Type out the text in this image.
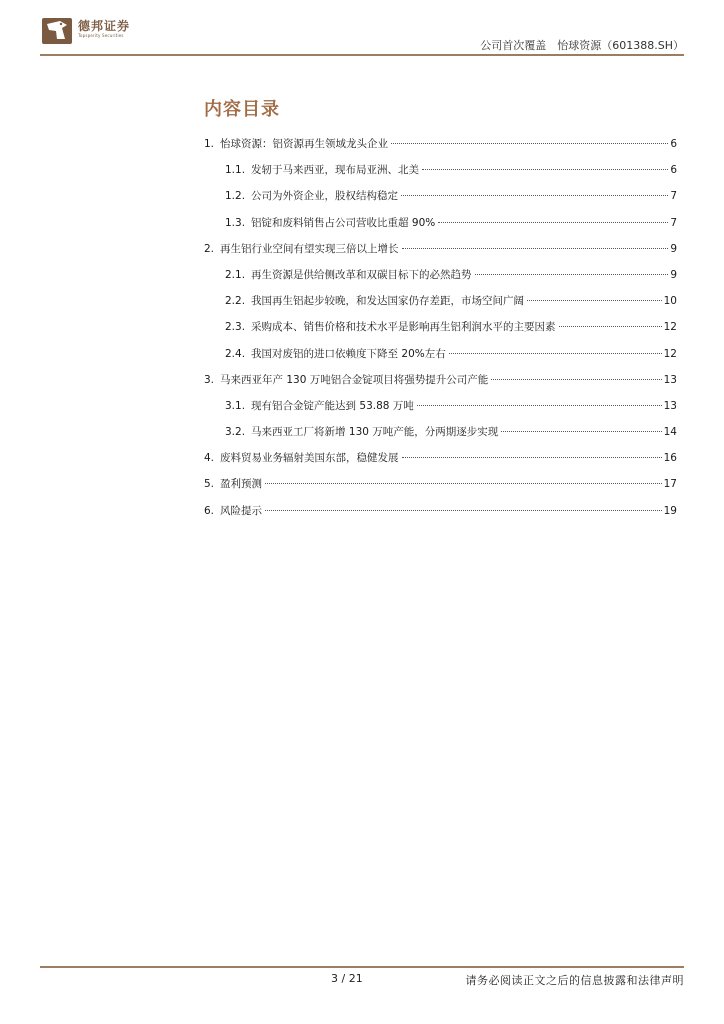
德邦证券
Topsperity Securities
公司首次覆盖　怡球资源（601388.SH）
内容目录
1. 怡球资源：铝资源再生领域龙头企业	6
1.1. 发轫于马来西亚，现布局亚洲、北美	6
1.2. 公司为外资企业，股权结构稳定	7
1.3. 铝锭和废料销售占公司营收比重超 90%	7
2. 再生铝行业空间有望实现三倍以上增长	9
2.1. 再生资源是供给侧改革和双碳目标下的必然趋势	9
2.2. 我国再生铝起步较晚，和发达国家仍存差距，市场空间广阔	10
2.3. 采购成本、销售价格和技术水平是影响再生铝利润水平的主要因素	12
2.4. 我国对废铝的进口依赖度下降至 20%左右	12
3. 马来西亚年产 130 万吨铝合金锭项目将强势提升公司产能	13
3.1. 现有铝合金锭产能达到 53.88 万吨	13
3.2. 马来西亚工厂将新增 130 万吨产能，分两期逐步实现	14
4. 废料贸易业务辐射美国东部，稳健发展	16
5. 盈利预测	17
6. 风险提示	19
3 / 21	请务必阅读正文之后的信息披露和法律声明
